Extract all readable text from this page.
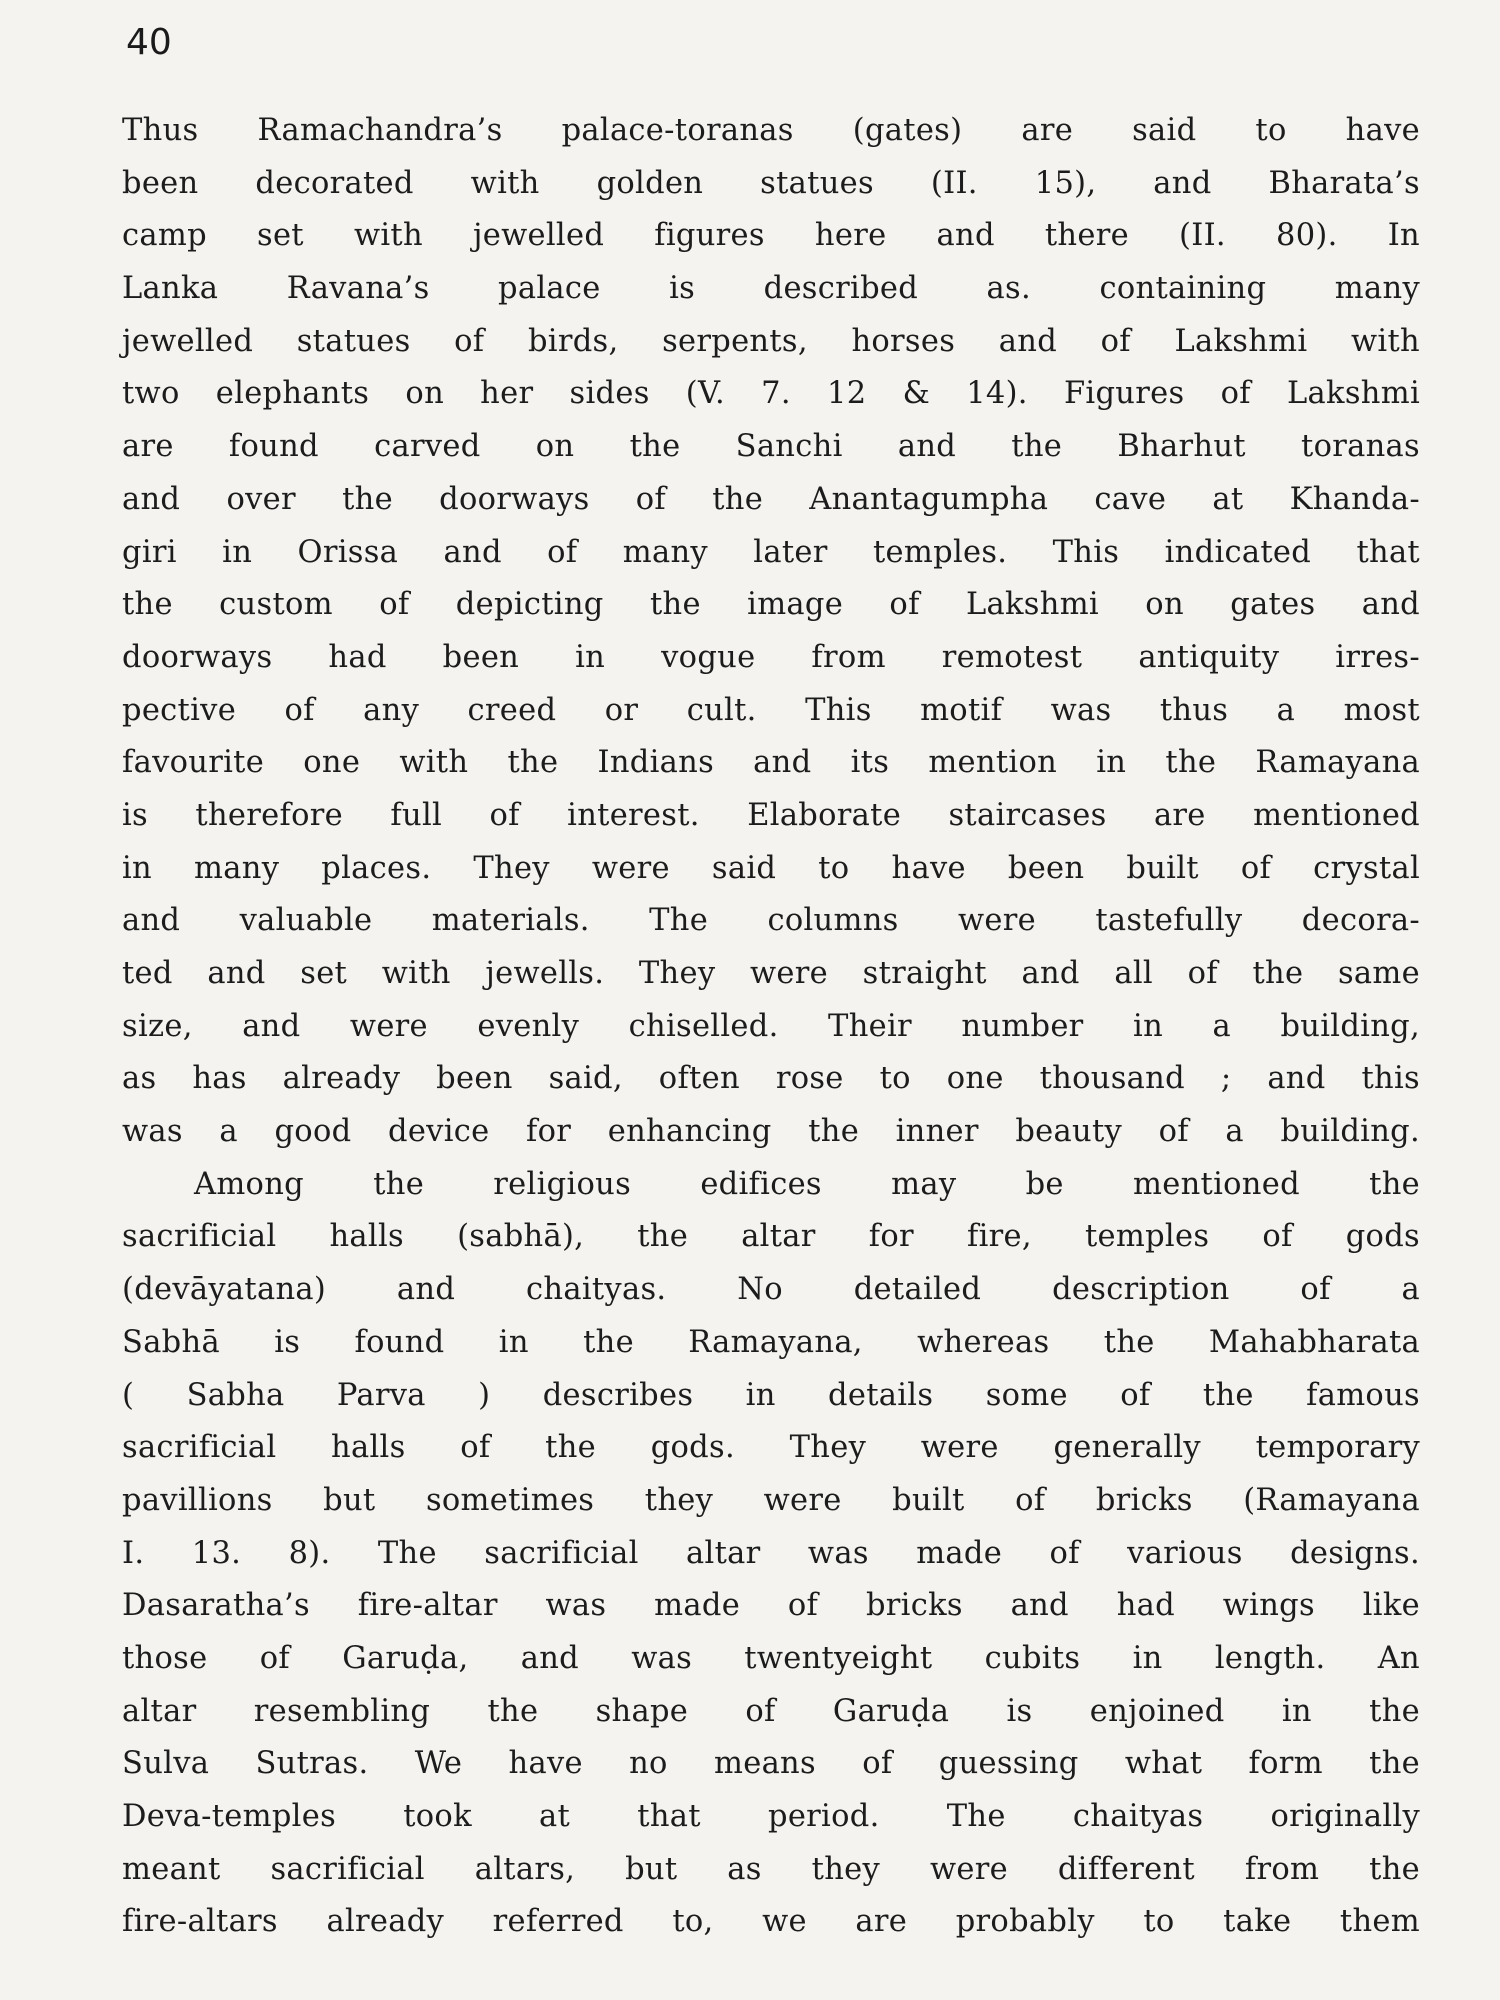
40
Thus Ramachandra’s palace-toranas (gates) are said to have
been decorated with golden statues (II. 15), and Bharata’s
camp set with jewelled figures here and there (II. 80). In
Lanka Ravana’s palace is described as. containing many
jewelled statues of birds, serpents, horses and of Lakshmi with
two elephants on her sides (V. 7. 12 & 14). Figures of Lakshmi
are found carved on the Sanchi and the Bharhut toranas
and over the doorways of the Anantagumpha cave at Khanda-
giri in Orissa and of many later temples. This indicated that
the custom of depicting the image of Lakshmi on gates and
doorways had been in vogue from remotest antiquity irres-
pective of any creed or cult. This motif was thus a most
favourite one with the Indians and its mention in the Ramayana
is therefore full of interest. Elaborate staircases are mentioned
in many places. They were said to have been built of crystal
and valuable materials. The columns were tastefully decora-
ted and set with jewells. They were straight and all of the same
size, and were evenly chiselled. Their number in a building,
as has already been said, often rose to one thousand ; and this
was a good device for enhancing the inner beauty of a building.
Among the religious edifices may be mentioned the
sacrificial halls (sabhā), the altar for fire, temples of gods
(devāyatana) and chaityas. No detailed description of a
Sabhā is found in the Ramayana, whereas the Mahabharata
( Sabha Parva ) describes in details some of the famous
sacrificial halls of the gods. They were generally temporary
pavillions but sometimes they were built of bricks (Ramayana
I. 13. 8). The sacrificial altar was made of various designs.
Dasaratha’s fire-altar was made of bricks and had wings like
those of Garuḍa, and was twentyeight cubits in length. An
altar resembling the shape of Garuḍa is enjoined in the
Sulva Sutras. We have no means of guessing what form the
Deva-temples took at that period. The chaityas originally
meant sacrificial altars, but as they were different from the
fire-altars already referred to, we are probably to take them
